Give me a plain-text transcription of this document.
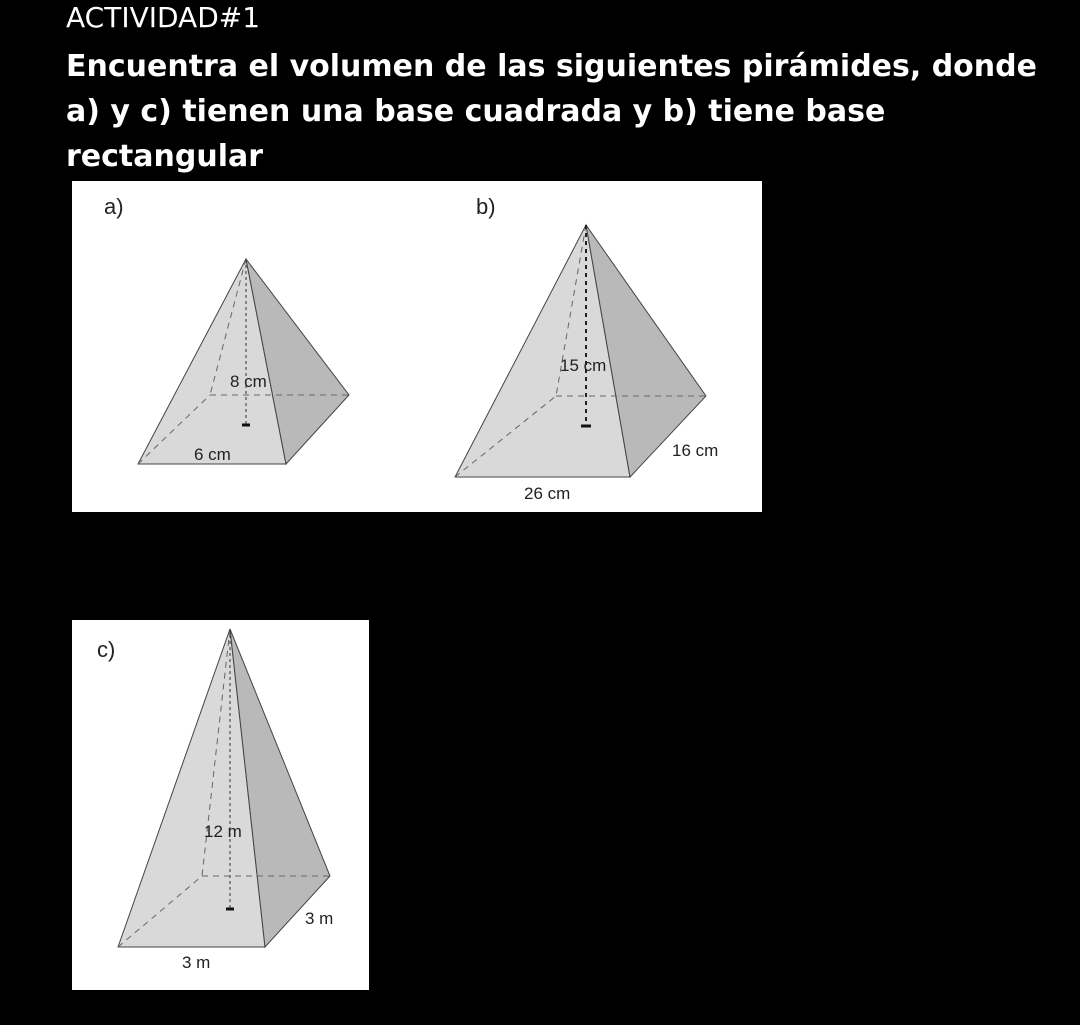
ACTIVIDAD#1
Encuentra el volumen de las siguientes pirámides, donde a) y c) tienen una base cuadrada y b) tiene base rectangular
a)
8 cm
6 cm
b)
15 cm
26 cm
16 cm
c)
12 m
3 m
3 m
